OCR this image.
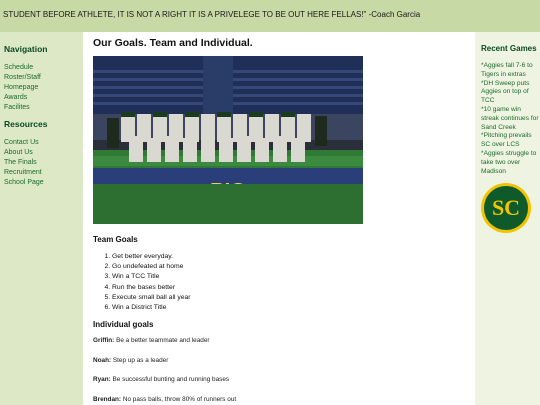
STUDENT BEFORE ATHLETE, IT IS NOT A RIGHT IT IS A PRIVELEGE TO BE OUT HERE FELLAS!" -Coach Garcia
Navigation
Schedule
Roster/Staff
Homepage
Awards
Facilites
Resources
Contact Us
About Us
The Finals
Recruitment
School Page
Our Goals. Team and Individual.
Team Goals
1. Get better everyday.
2. Go undefeated at home
3. Win a TCC Title
4. Run the bases better
5. Execute small ball all year
6. Win a District Title
Individual goals

Griffin: Be a better teammate and leader

Noah: Step up as a leader

Ryan: Be successful bunting and running bases

Brendan: No pass balls, throw 80% of runners out

Recent Games

*Aggies fall 7-6 to Tigers in extras

*DH Sweep puts Aggies on top of TCC

*10 game win streak continues for Sand Creek

*Pitching prevails SC over LCS

*Aggies struggle to take two over Madison

SC
